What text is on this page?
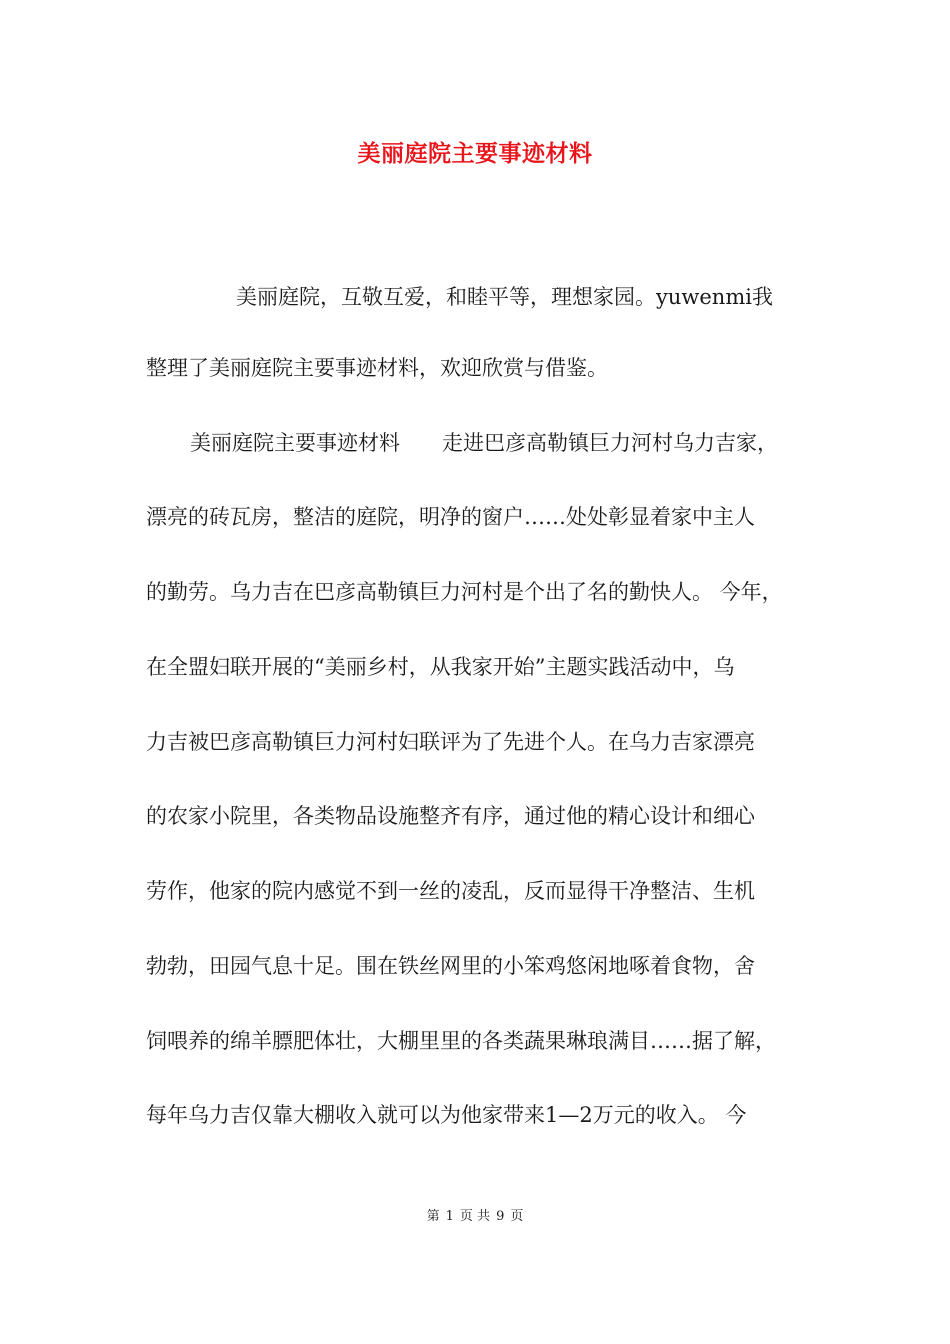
美丽庭院主要事迹材料

美丽庭院，互敬互爱，和睦平等，理想家园。yuwenmi我

整理了美丽庭院主要事迹材料，欢迎欣赏与借鉴。

美丽庭院主要事迹材料　　走进巴彦高勒镇巨力河村乌力吉家，

漂亮的砖瓦房，整洁的庭院，明净的窗户……处处彰显着家中主人

的勤劳。乌力吉在巴彦高勒镇巨力河村是个出了名的勤快人。 今年，

在全盟妇联开展的“美丽乡村，从我家开始”主题实践活动中，乌

力吉被巴彦高勒镇巨力河村妇联评为了先进个人。在乌力吉家漂亮

的农家小院里，各类物品设施整齐有序，通过他的精心设计和细心

劳作，他家的院内感觉不到一丝的凌乱，反而显得干净整洁、生机

勃勃，田园气息十足。围在铁丝网里的小笨鸡悠闲地啄着食物，舍

饲喂养的绵羊膘肥体壮，大棚里里的各类蔬果琳琅满目……据了解，

每年乌力吉仅靠大棚收入就可以为他家带来1—2万元的收入。 今

第 1 页 共 9 页
